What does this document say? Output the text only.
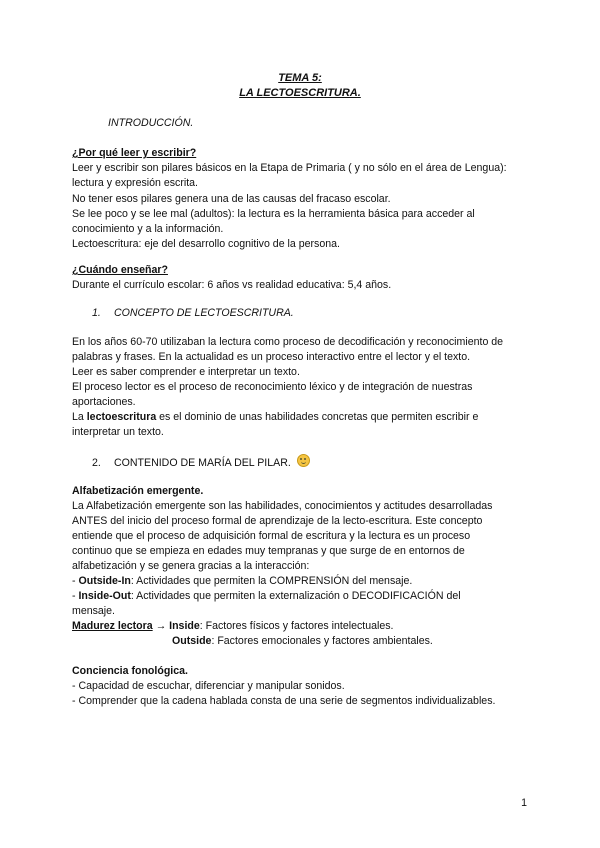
TEMA 5:
LA LECTOESCRITURA.
INTRODUCCIÓN.
¿Por qué leer y escribir?
Leer y escribir son pilares básicos en la Etapa de Primaria ( y no sólo en el área de Lengua):
lectura y expresión escrita.
No tener esos pilares genera una de las causas del fracaso escolar.
Se lee poco y se lee mal (adultos): la lectura es la herramienta básica para acceder al
conocimiento y a la información.
Lectoescritura: eje del desarrollo cognitivo de la persona.
¿Cuándo enseñar?
Durante el currículo escolar: 6 años vs realidad educativa: 5,4 años.
1. CONCEPTO DE LECTOESCRITURA.
En los años 60-70 utilizaban la lectura como proceso de decodificación y reconocimiento de
palabras y frases. En la actualidad es un proceso interactivo entre el lector y el texto.
Leer es saber comprender e interpretar un texto.
El proceso lector es el proceso de reconocimiento léxico y de integración de nuestras
aportaciones.
La lectoescritura es el dominio de unas habilidades concretas que permiten escribir e
interpretar un texto.
2. CONTENIDO DE MARÍA DEL PILAR.
Alfabetización emergente.
La Alfabetización emergente son las habilidades, conocimientos y actitudes desarrolladas
ANTES del inicio del proceso formal de aprendizaje de la lecto-escritura. Este concepto
entiende que el proceso de adquisición formal de escritura y la lectura es un proceso
continuo que se empieza en edades muy tempranas y que surge de en entornos de
alfabetización y se genera gracias a la interacción:
- Outside-In: Actividades que permiten la COMPRENSIÓN del mensaje.
- Inside-Out: Actividades que permiten la externalización o DECODIFICACIÓN del
mensaje.
Madurez lectora → Inside: Factores físicos y factores intelectuales.
Outside: Factores emocionales y factores ambientales.
Conciencia fonológica.
- Capacidad de escuchar, diferenciar y manipular sonidos.
- Comprender que la cadena hablada consta de una serie de segmentos individualizables.
1
